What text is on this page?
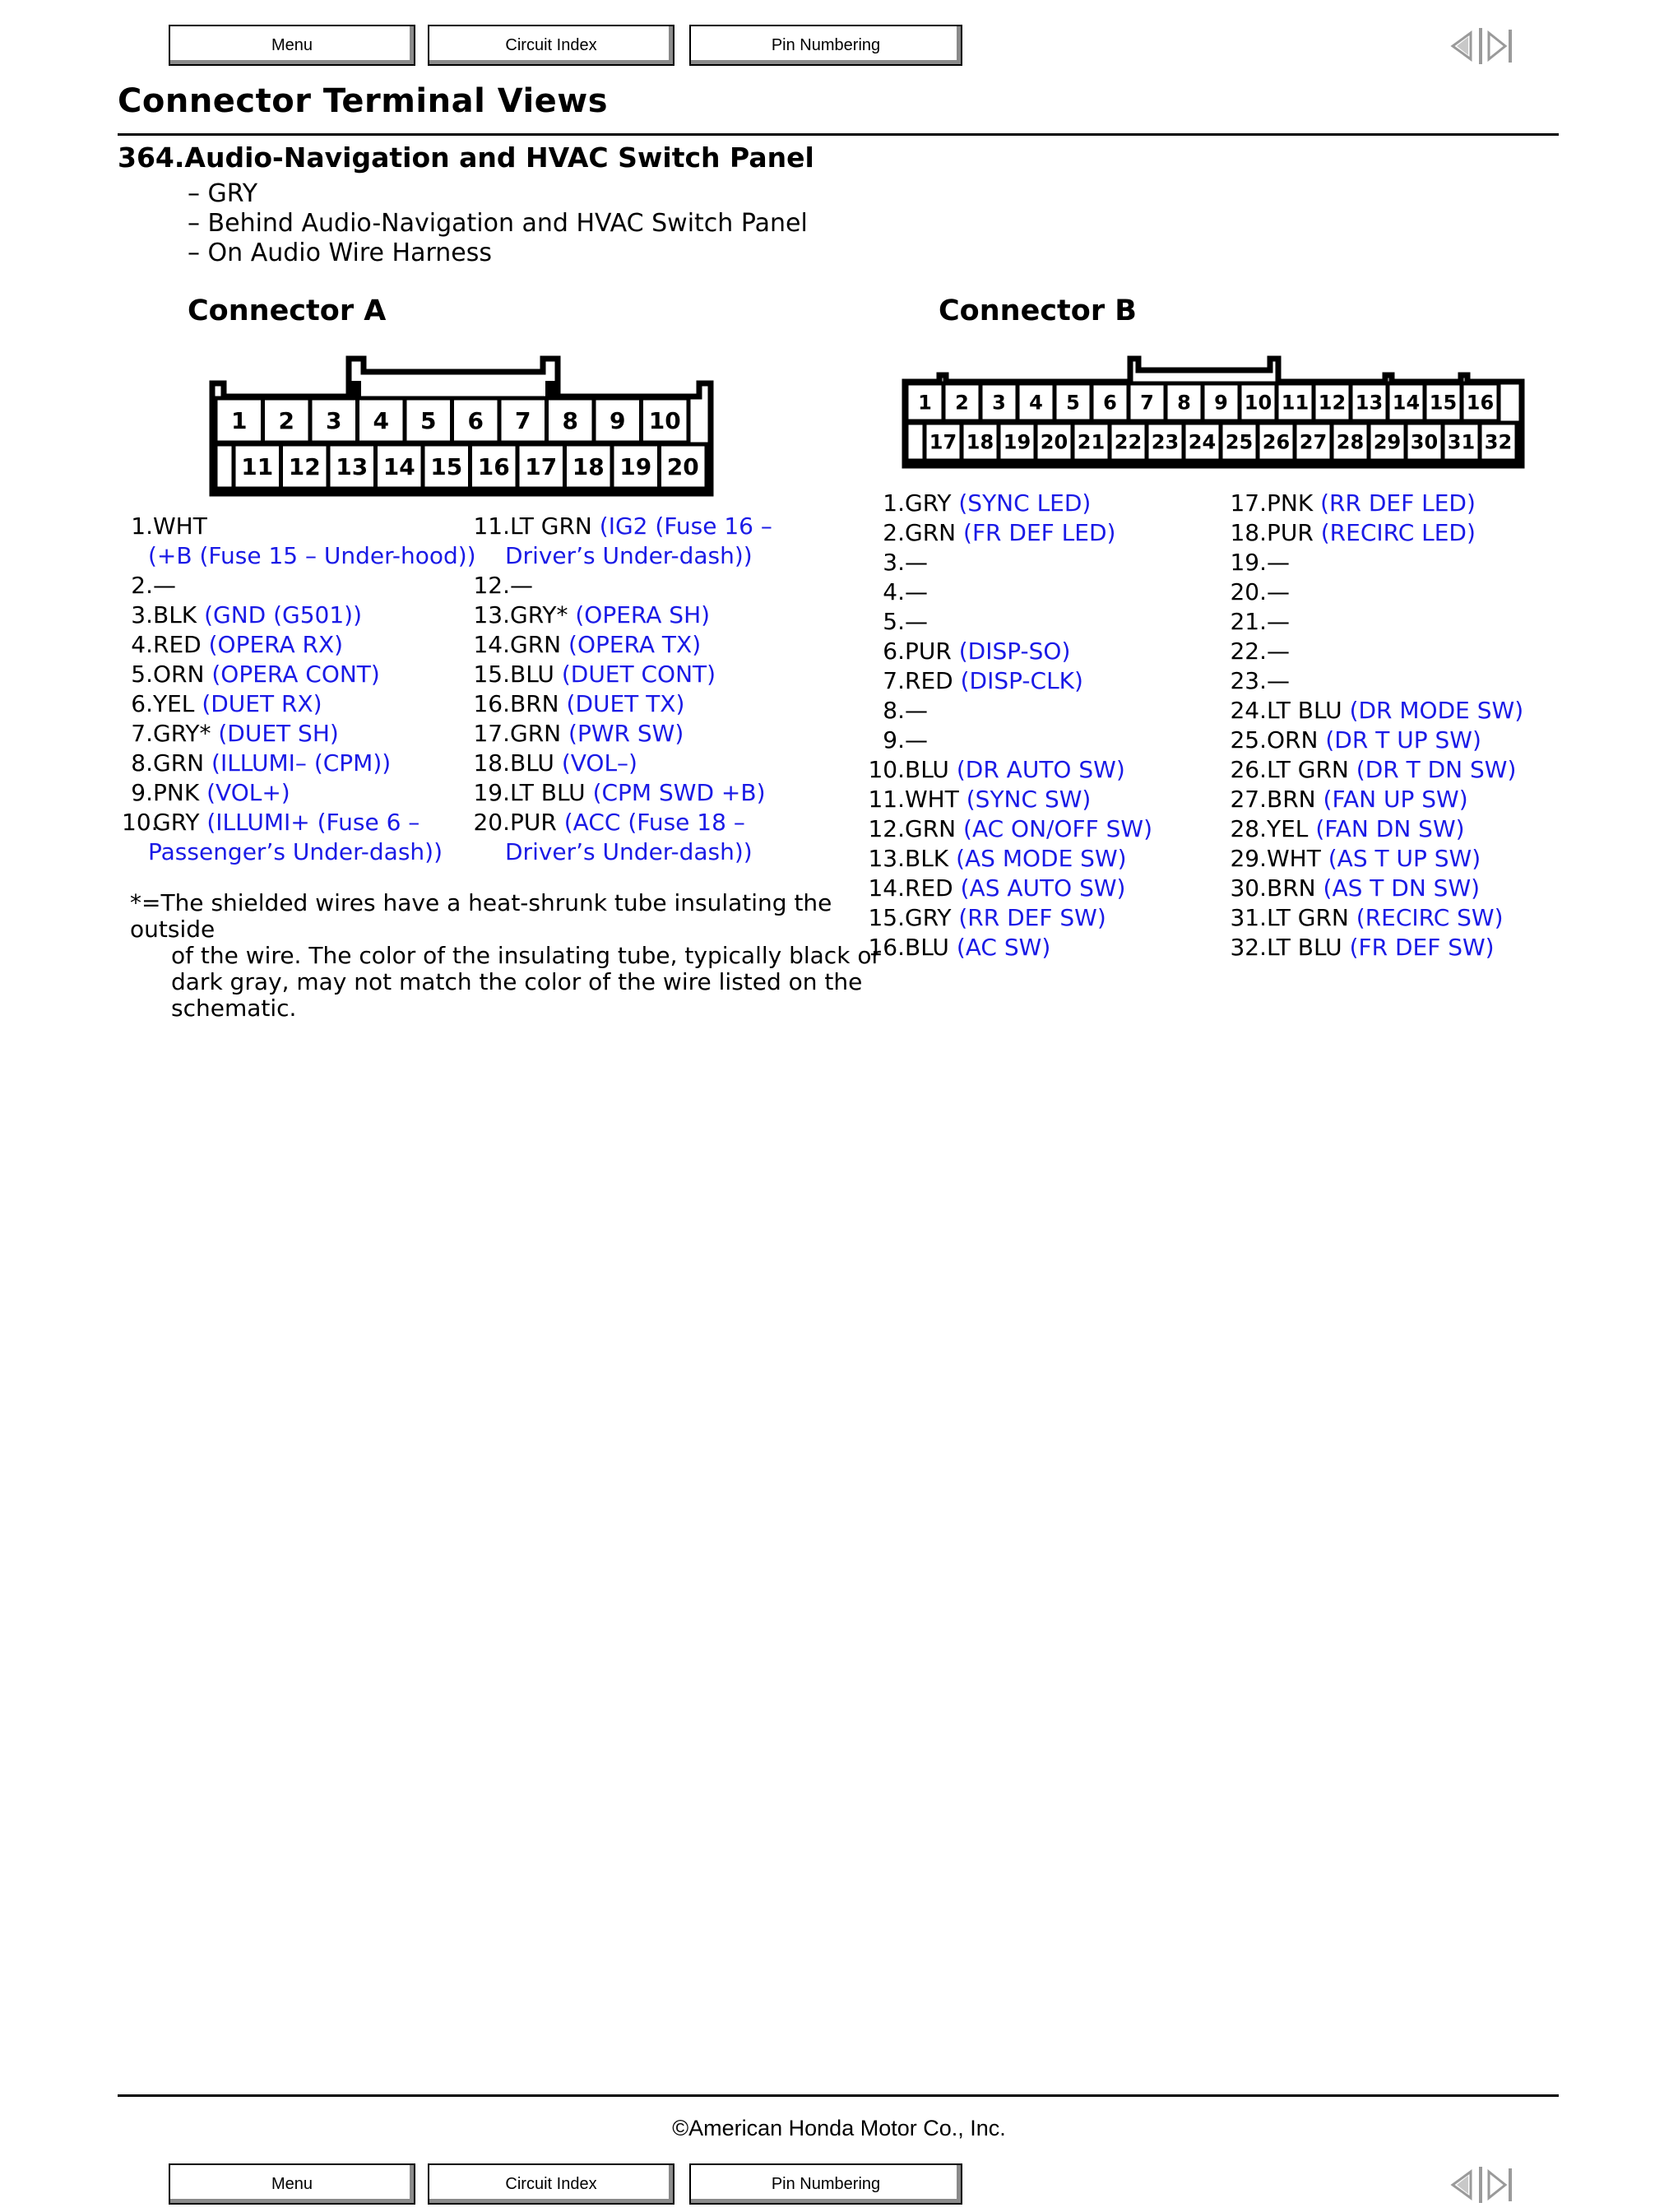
Menu	Circuit Index	Pin Numbering
Connector Terminal Views
364.Audio-Navigation and HVAC Switch Panel
– GRY
– Behind Audio-Navigation and HVAC Switch Panel
– On Audio Wire Harness
Connector A	Connector B
1 2 3 4 5 6 7 8 9 10
11 12 13 14 15 16 17 18 19 20
1 2 3 4 5 6 7 8 9 10 11 12 13 14 15 16
17 18 19 20 21 22 23 24 25 26 27 28 29 30 31 32
1.WHT
(+B (Fuse 15 – Under-hood))
2.—
3.BLK (GND (G501))
4.RED (OPERA RX)
5.ORN (OPERA CONT)
6.YEL (DUET RX)
7.GRY* (DUET SH)
8.GRN (ILLUMI– (CPM))
9.PNK (VOL+)
10.GRY (ILLUMI+ (Fuse 6 –
Passenger’s Under-dash))
11.LT GRN (IG2 (Fuse 16 –
Driver’s Under-dash))
12.—
13.GRY* (OPERA SH)
14.GRN (OPERA TX)
15.BLU (DUET CONT)
16.BRN (DUET TX)
17.GRN (PWR SW)
18.BLU (VOL–)
19.LT BLU (CPM SWD +B)
20.PUR (ACC (Fuse 18 –
Driver’s Under-dash))
1.GRY (SYNC LED)
2.GRN (FR DEF LED)
3.—
4.—
5.—
6.PUR (DISP-SO)
7.RED (DISP-CLK)
8.—
9.—
10.BLU (DR AUTO SW)
11.WHT (SYNC SW)
12.GRN (AC ON/OFF SW)
13.BLK (AS MODE SW)
14.RED (AS AUTO SW)
15.GRY (RR DEF SW)
16.BLU (AC SW)
17.PNK (RR DEF LED)
18.PUR (RECIRC LED)
19.—
20.—
21.—
22.—
23.—
24.LT BLU (DR MODE SW)
25.ORN (DR T UP SW)
26.LT GRN (DR T DN SW)
27.BRN (FAN UP SW)
28.YEL (FAN DN SW)
29.WHT (AS T UP SW)
30.BRN (AS T DN SW)
31.LT GRN (RECIRC SW)
32.LT BLU (FR DEF SW)

*=The shielded wires have a heat-shrunk tube insulating the outside

of the wire. The color of the insulating tube, typically black or dark gray, may not match the color of the wire listed on the schematic.

©American Honda Motor Co., Inc.
Menu	Circuit Index	Pin Numbering
